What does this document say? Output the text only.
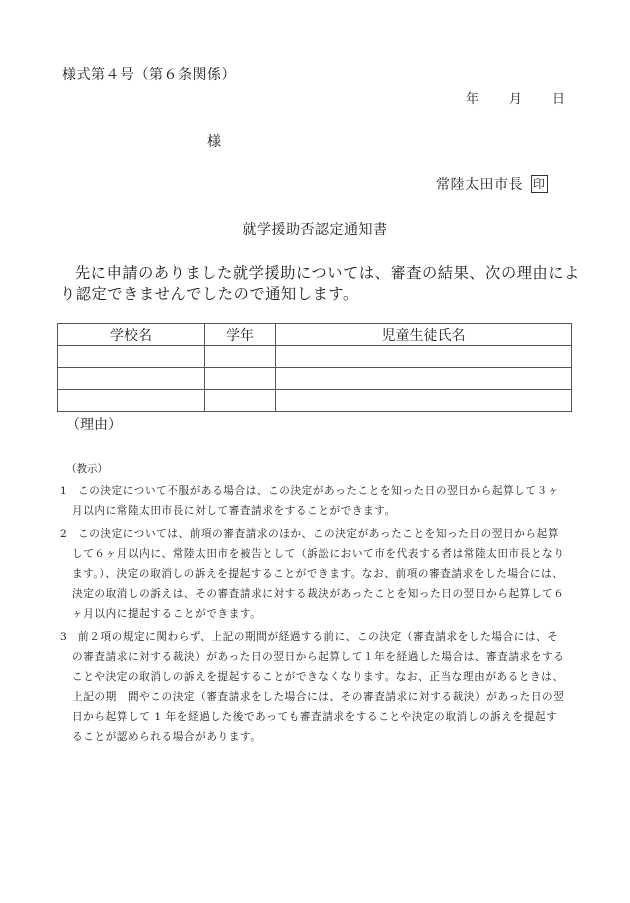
様式第４号（第６条関係）
年 月 日
様
常陸太田市長 印
就学援助否認定通知書
先に申請のありました就学援助については、審査の結果、次の理由により認定できませんでしたので通知します。
学校名	学年	児童生徒氏名

（理由）
（教示）
1 この決定について不服がある場合は、この決定があったことを知った日の翌日から起算して３ヶ月以内に常陸太田市長に対して審査請求をすることができます。
2 この決定については、前項の審査請求のほか、この決定があったことを知った日の翌日から起算して６ヶ月以内に、常陸太田市を被告として（訴訟において市を代表する者は常陸太田市長となります。）、決定の取消しの訴えを提起することができます。なお、前項の審査請求をした場合には、決定の取消しの訴えは、その審査請求に対する裁決があったことを知った日の翌日から起算して６ヶ月以内に提起することができます。
3 前２項の規定に関わらず、上記の期間が経過する前に、この決定（審査請求をした場合には、その審査請求に対する裁決）があった日の翌日から起算して１年を経過した場合は、審査請求をすることや決定の取消しの訴えを提起することができなくなります。なお、正当な理由があるときは、上記の期　間やこの決定（審査請求をした場合には、その審査請求に対する裁決）があった日の翌日から起算して 1 年を経過した後であっても審査請求をすることや決定の取消しの訴えを提起することが認められる場合があります。
